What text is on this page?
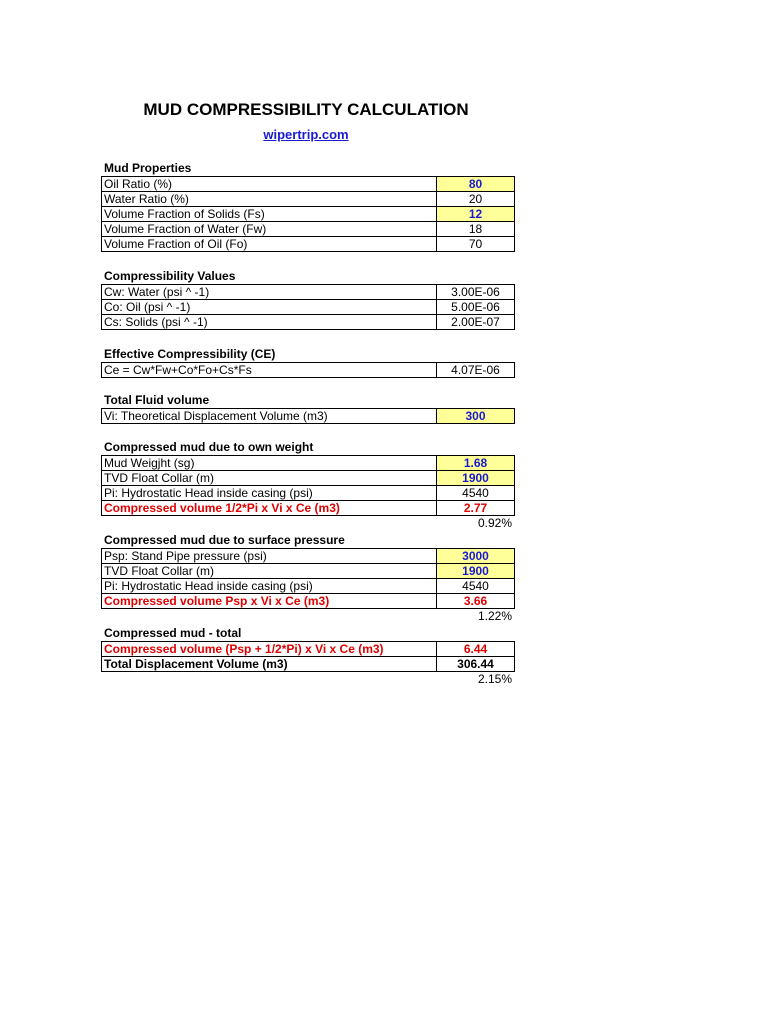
MUD COMPRESSIBILITY CALCULATION
wipertrip.com
Mud Properties
Oil Ratio (%)	80
Water Ratio (%)	20
Volume Fraction of Solids (Fs)	12
Volume Fraction of Water (Fw)	18
Volume Fraction of Oil (Fo)	70
Compressibility Values
Cw: Water (psi ^ -1)	3.00E-06
Co: Oil (psi ^ -1)	5.00E-06
Cs: Solids (psi ^ -1)	2.00E-07
Effective Compressibility (CE)
Ce = Cw*Fw+Co*Fo+Cs*Fs	4.07E-06
Total Fluid volume
Vi: Theoretical Displacement Volume (m3)	300
Compressed mud due to own weight
Mud Weigjht (sg)	1.68
TVD Float Collar (m)	1900
Pi: Hydrostatic Head inside casing (psi)	4540
Compressed volume 1/2*Pi x Vi x Ce (m3)	2.77
0.92%
Compressed mud due to surface pressure
Psp: Stand Pipe pressure (psi)	3000
TVD Float Collar (m)	1900
Pi: Hydrostatic Head inside casing (psi)	4540
Compressed volume Psp x Vi x Ce (m3)	3.66
1.22%
Compressed mud - total
Compressed volume (Psp + 1/2*Pi) x Vi x Ce (m3)	6.44
Total Displacement Volume (m3)	306.44
2.15%
